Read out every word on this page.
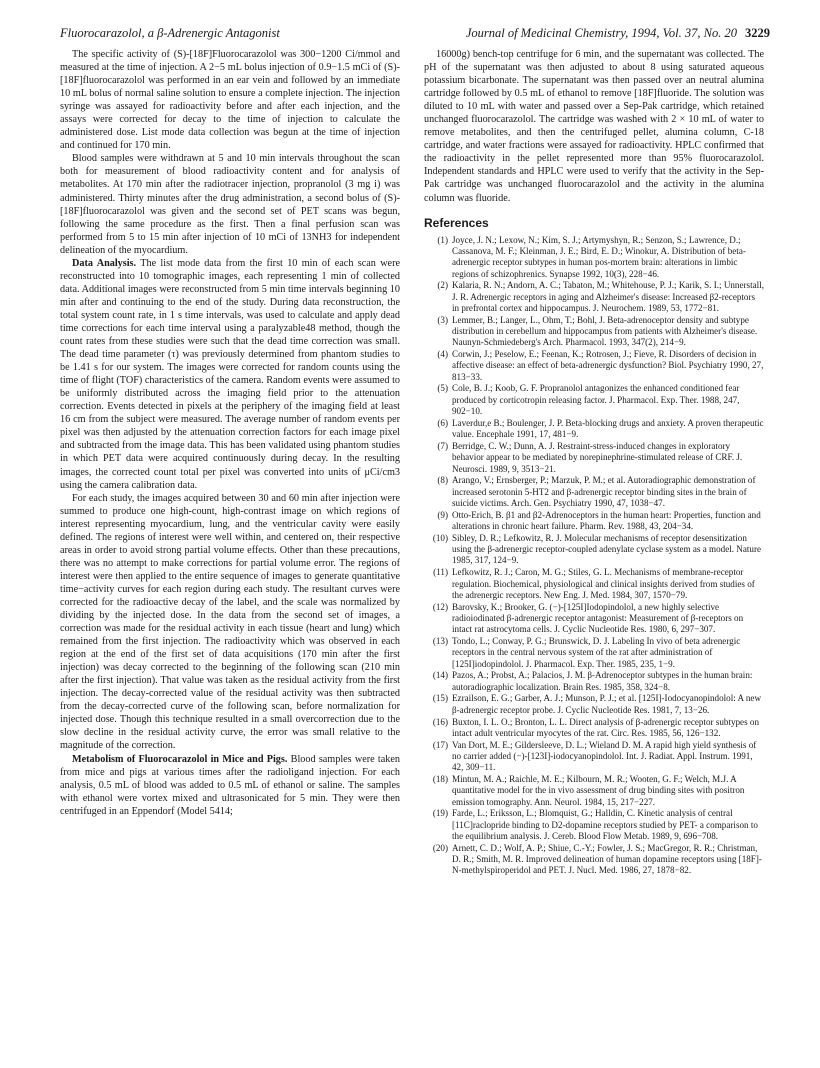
Fluorocarazolol, a β-Adrenergic Antagonist	Journal of Medicinal Chemistry, 1994, Vol. 37, No. 20 3229

The specific activity of (S)-[18F]Fluorocarazolol was 300−1200 Ci/mmol and measured at the time of injection. A 2−5 mL bolus injection of 0.9−1.5 mCi of (S)-[18F]fluorocarazolol was performed in an ear vein and followed by an immediate 10 mL bolus of normal saline solution to ensure a complete injection. The injection syringe was assayed for radioactivity before and after each injection, and the assays were corrected for decay to the time of injection to calculate the administered dose. List mode data collection was begun at the time of injection and continued for 170 min.

Blood samples were withdrawn at 5 and 10 min intervals throughout the scan both for measurement of blood radioactivity content and for analysis of metabolites. At 170 min after the radiotracer injection, propranolol (3 mg i) was administered. Thirty minutes after the drug administration, a second bolus of (S)-[18F]fluorocarazolol was given and the second set of PET scans was begun, following the same procedure as the first. Then a final perfusion scan was performed from 5 to 15 min after injection of 10 mCi of 13NH3 for independent delineation of the myocardium.

Data Analysis. The list mode data from the first 10 min of each scan were reconstructed into 10 tomographic images, each representing 1 min of collected data. Additional images were reconstructed from 5 min time intervals beginning 10 min after and continuing to the end of the study. During data reconstruction, the total system count rate, in 1 s time intervals, was used to calculate and apply dead time corrections for each time interval using a paralyzable48 method, though the count rates from these studies were such that the dead time correction was small. The dead time parameter (τ) was previously determined from phantom studies to be 1.41 s for our system. The images were corrected for random counts using the time of flight (TOF) characteristics of the camera. Random events were assumed to be uniformly distributed across the imaging field prior to the attenuation correction. Events detected in pixels at the periphery of the imaging field at least 16 cm from the subject were measured. The average number of random events per pixel was then adjusted by the attenuation correction factors for each image pixel and subtracted from the image data. This has been validated using phantom studies in which PET data were acquired continuously during decay. In the resulting images, the corrected count total per pixel was converted into units of μCi/cm3 using the camera calibration data.

For each study, the images acquired between 30 and 60 min after injection were summed to produce one high-count, high-contrast image on which regions of interest representing myocardium, lung, and the ventricular cavity were easily defined. The regions of interest were well within, and centered on, their respective areas in order to avoid strong partial volume effects. Other than these precautions, there was no attempt to make corrections for partial volume error. The regions of interest were then applied to the entire sequence of images to generate quantitative time−activity curves for each region during each study. The resultant curves were corrected for the radioactive decay of the label, and the scale was normalized by dividing by the injected dose. In the data from the second set of images, a correction was made for the residual activity in each tissue (heart and lung) which remained from the first injection. The radioactivity which was observed in each region at the end of the first set of data acquisitions (170 min after the first injection) was decay corrected to the beginning of the following scan (210 min after the first injection). That value was taken as the residual activity from the first injection. The decay-corrected value of the residual activity was then subtracted from the decay-corrected curve of the following scan, before normalization for injected dose. Though this technique resulted in a small overcorrection due to the slow decline in the residual activity curve, the error was small relative to the magnitude of the correction.

Metabolism of Fluorocarazolol in Mice and Pigs. Blood samples were taken from mice and pigs at various times after the radioligand injection. For each analysis, 0.5 mL of blood was added to 0.5 mL of ethanol or saline. The samples with ethanol were vortex mixed and ultrasonicated for 5 min. They were then centrifuged in an Eppendorf (Model 5414;

16000g) bench-top centrifuge for 6 min, and the supernatant was collected. The pH of the supernatant was then adjusted to about 8 using saturated aqueous potassium bicarbonate. The supernatant was then passed over an neutral alumina cartridge followed by 0.5 mL of ethanol to remove [18F]fluoride. The solution was diluted to 10 mL with water and passed over a Sep-Pak cartridge, which retained unchanged fluorocarazolol. The cartridge was washed with 2 × 10 mL of water to remove metabolites, and then the centrifuged pellet, alumina column, C-18 cartridge, and water fractions were assayed for radioactivity. HPLC confirmed that the radioactivity in the pellet represented more than 95% fluorocarazolol. Independent standards and HPLC were used to verify that the activity in the Sep-Pak cartridge was unchanged fluorocarazolol and the activity in the alumina column was fluoride.

References
(1) Joyce, J. N.; Lexow, N.; Kim, S. J.; Artymyshyn, R.; Senzon, S.; Lawrence, D.; Cassanova, M. F.; Kleinman, J. E.; Bird, E. D.; Winokur, A. Distribution of beta-adrenergic receptor subtypes in human pos-mortem brain: alterations in limbic regions of schizophrenics. Synapse 1992, 10(3), 228−46.
(2) Kalaria, R. N.; Andorn, A. C.; Tabaton, M.; Whitehouse, P. J.; Karik, S. I.; Unnerstall, J. R. Adrenergic receptors in aging and Alzheimer's disease: Increased β2-receptors in prefrontal cortex and hippocampus. J. Neurochem. 1989, 53, 1772−81.
(3) Lemmer, B.; Langer, L., Ohm, T.; Bohl, J. Beta-adrenoceptor density and subtype distribution in cerebellum and hippocampus from patients with Alzheimer's disease. Naunyn-Schmiedeberg's Arch. Pharmacol. 1993, 347(2), 214−9.
(4) Corwin, J.; Peselow, E.; Feenan, K.; Rotrosen, J.; Fieve, R. Disorders of decision in affective disease: an effect of beta-adrenergic dysfunction? Biol. Psychiatry 1990, 27, 813−33.
(5) Cole, B. J.; Koob, G. F. Propranolol antagonizes the enhanced conditioned fear produced by corticotropin releasing factor. J. Pharmacol. Exp. Ther. 1988, 247, 902−10.
(6) Laverdur,e B.; Boulenger, J. P. Beta-blocking drugs and anxiety. A proven therapeutic value. Encephale 1991, 17, 481−9.
(7) Berridge, C. W.; Dunn, A. J. Restraint-stress-induced changes in exploratory behavior appear to be mediated by norepinephrine-stimulated release of CRF. J. Neurosci. 1989, 9, 3513−21.
(8) Arango, V.; Ernsberger, P.; Marzuk, P. M.; et al. Autoradiographic demonstration of increased serotonin 5-HT2 and β-adrenergic receptor binding sites in the brain of suicide victims. Arch. Gen. Psychiatry 1990, 47, 1038−47.
(9) Otto-Erich, B. β1 and β2-Adrenoceptors in the human heart: Properties, function and alterations in chronic heart failure. Pharm. Rev. 1988, 43, 204−34.
(10) Sibley, D. R.; Lefkowitz, R. J. Molecular mechanisms of receptor desensitization using the β-adrenergic receptor-coupled adenylate cyclase system as a model. Nature 1985, 317, 124−9.
(11) Lefkowitz, R. J.; Caron, M. G.; Stiles, G. L. Mechanisms of membrane-receptor regulation. Biochemical, physiological and clinical insights derived from studies of the adrenergic receptors. New Eng. J. Med. 1984, 307, 1570−79.
(12) Barovsky, K.; Brooker, G. (−)-[125I]Iodopindolol, a new highly selective radioiodinated β-adrenergic receptor antagonist: Measurement of β-receptors on intact rat astrocytoma cells. J. Cyclic Nucleotide Res. 1980, 6, 297−307.
(13) Tondo, L.; Conway, P. G.; Brunswick, D. J. Labeling In vivo of beta adrenergic receptors in the central nervous system of the rat after administration of [125I]iodopindolol. J. Pharmacol. Exp. Ther. 1985, 235, 1−9.
(14) Pazos, A.; Probst, A.; Palacios, J. M. β-Adrenoceptor subtypes in the human brain: autoradiographic localization. Brain Res. 1985, 358, 324−8.
(15) Ezrailson, E. G.; Garber, A. J.; Munson, P. J.; et al. [125I]-Iodocyanopindolol: A new β-adrenergic receptor probe. J. Cyclic Nucleotide Res. 1981, 7, 13−26.
(16) Buxton, I. L. O.; Bronton, L. L. Direct analysis of β-adrenergic receptor subtypes on intact adult ventricular myocytes of the rat. Circ. Res. 1985, 56, 126−132.
(17) Van Dort, M. E.; Gildersleeve, D. L.; Wieland D. M. A rapid high yield synthesis of no carrier added (−)-[123I]-iodocyanopindolol. Int. J. Radiat. Appl. Instrum. 1991, 42, 309−11.
(18) Mintun, M. A.; Raichle, M. E.; Kilbourn, M. R.; Wooten, G. F.; Welch, M.J. A quantitative model for the in vivo assessment of drug binding sites with positron emission tomography. Ann. Neurol. 1984, 15, 217−227.
(19) Farde, L.; Eriksson, L.; Blomquist, G.; Halldin, C. Kinetic analysis of central [11C]raclopride binding to D2-dopamine receptors studied by PET- a comparison to the equilibrium analysis. J. Cereb. Blood Flow Metab. 1989, 9, 696−708.
(20) Arnett, C. D.; Wolf, A. P.; Shiue, C.-Y.; Fowler, J. S.; MacGregor, R. R.; Christman, D. R.; Smith, M. R. Improved delineation of human dopamine receptors using [18F]-N-methylspiroperidol and PET. J. Nucl. Med. 1986, 27, 1878−82.
